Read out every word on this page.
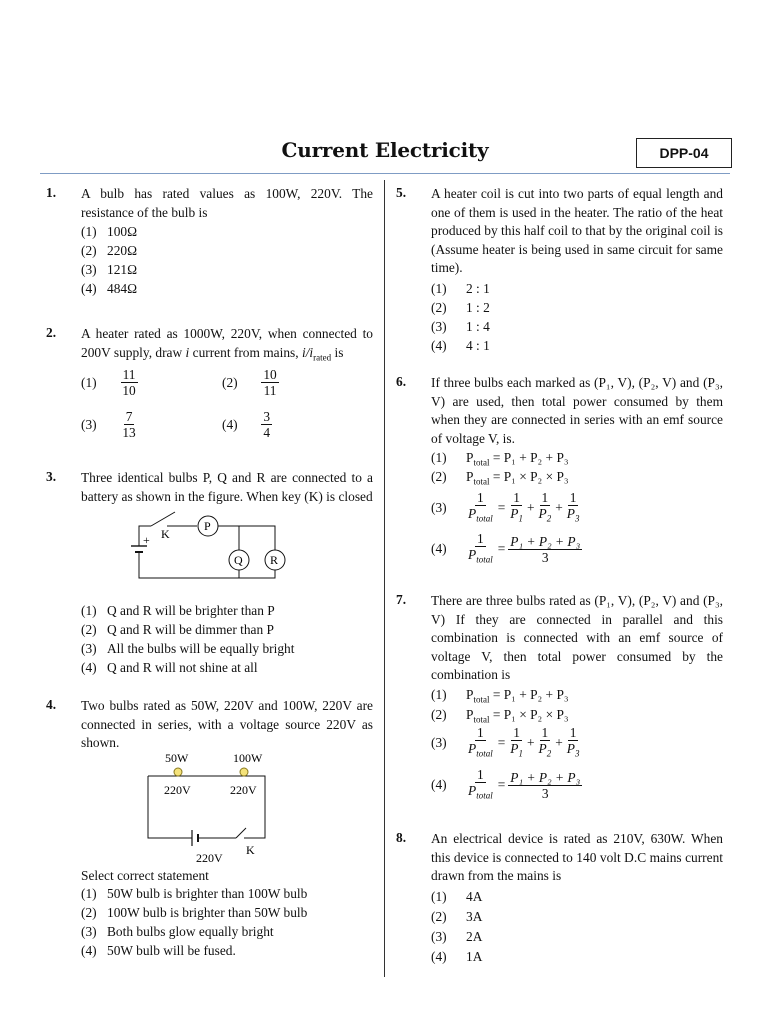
Current Electricity	DPP-04
1. A bulb has rated values as 100W, 220V. The resistance of the bulb is
(1) 100Ω
(2) 220Ω
(3) 121Ω
(4) 484Ω
2. A heater rated as 1000W, 220V, when connected to 200V supply, draw i current from mains, $i/i_{rated}$ is
$(1) \frac{11}{10}$	$(2) \frac{10}{11}$
$(3) \frac{7}{13}$	$(4) \frac{3}{4}$
3. Three identical bulbs P, Q and R are connected to a battery as shown in the figure. When key (K) is closed
K
P
Q R
+
(1) Q and R will be brighter than P
(2) Q and R will be dimmer than P
(3) All the bulbs will be equally bright
(4) Q and R will not shine at all
4. Two bulbs rated as 50W, 220V and 100W, 220V are connected in series, with a voltage source 220V as shown.
50W	100W
220V	220V
220V
K
Select correct statement
(1) 50W bulb is brighter than 100W bulb
(2) 100W bulb is brighter than 50W bulb
(3) Both bulbs glow equally bright
(4) 50W bulb will be fused.
5. A heater coil is cut into two parts of equal length and one of them is used in the heater. The ratio of the heat produced by this half coil to that by the original coil is (Assume heater is being used in same circuit for same time).
(1) 2 : 1
(2) 1 : 2
(3) 1 : 4
(4) 4 : 1
6. If three bulbs each marked as (P₁, V), (P₂, V) and (P₃, V) are used, then total power consumed by them when they are connected in series with an emf source of voltage V, is.
(1) $P_{total} = P_1 + P_2 + P_3$
(2) $P_{total} = P_1 \times P_2 \times P_3$
(3)	$\frac{1}{P_{total}} = \frac{1}{P_1} + \frac{1}{P_2} + \frac{1}{P_3}$
(4)	$\frac{1}{P_{total}} = \frac{\text{P₁ + P₂ + P₃}}{3}$
7. There are three bulbs rated as (P₁, V), (P₂, V) and (P₃, V) If they are connected in parallel and this combination is connected with an emf source of voltage V, then total power consumed by the combination is
(1) $P_{total} = P_1 + P_2 + P_3$
(2) $P_{total} = P_1 \times P_2 \times P_3$
(3)	$\frac{1}{P_{total}} = \frac{1}{P_1} + \frac{1}{P_2} + \frac{1}{P_3}$
(4)	$\frac{1}{P_{total}} = \frac{\text{P₁ + P₂ + P₃}}{3}$
8. An electrical device is rated as 210V, 630W. When this device is connected to 140 volt D.C mains current drawn from the mains is
(1) 4A
(2) 3A
(3) 2A
(4) 1A
